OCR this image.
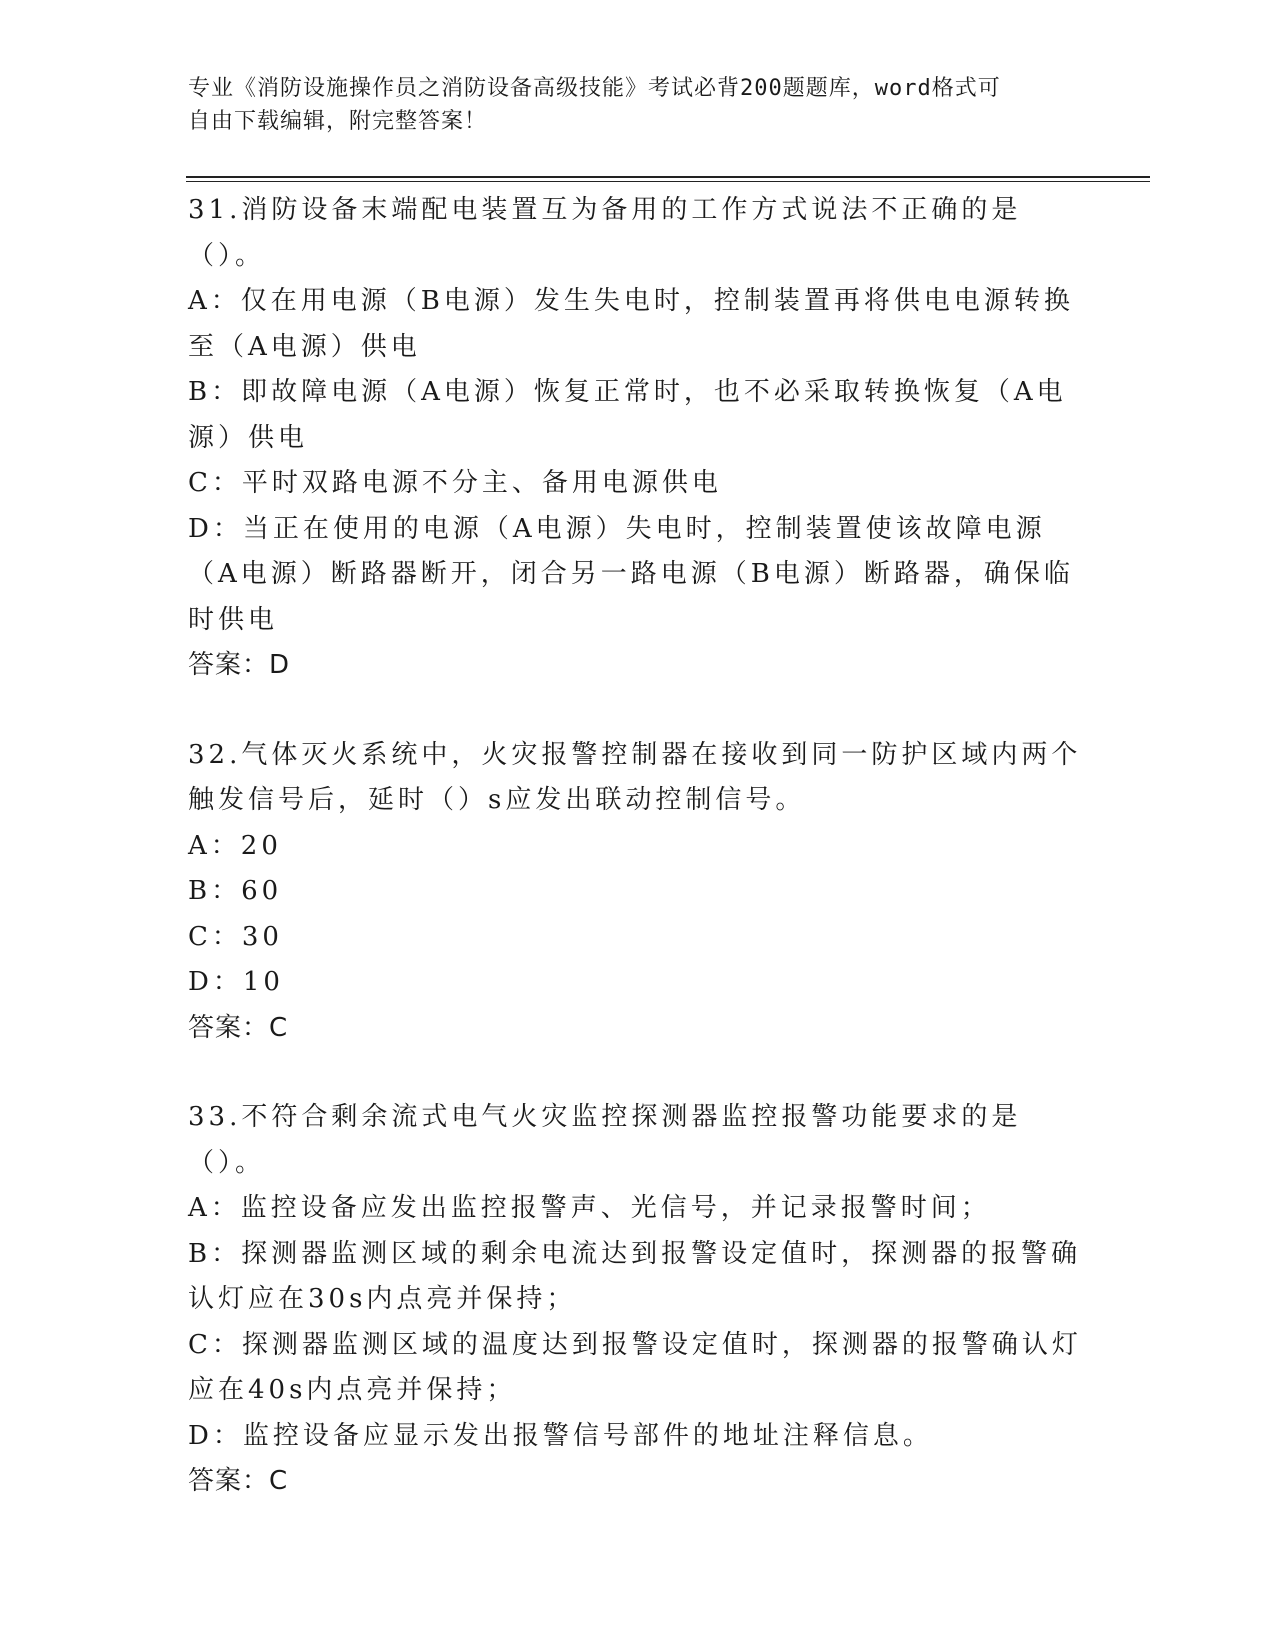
专业《消防设施操作员之消防设备高级技能》考试必背200题题库，word格式可
自由下载编辑，附完整答案！
31.消防设备末端配电装置互为备用的工作方式说法不正确的是（）。
A：仅在用电源（B电源）发生失电时，控制装置再将供电电源转换至（A电源）供电
B：即故障电源（A电源）恢复正常时，也不必采取转换恢复（A电源）供电
C：平时双路电源不分主、备用电源供电
D：当正在使用的电源（A电源）失电时，控制装置使该故障电源（A电源）断路器断开，闭合另一路电源（B电源）断路器，确保临时供电
答案：D
32.气体灭火系统中，火灾报警控制器在接收到同一防护区域内两个触发信号后，延时（）s应发出联动控制信号。
A：20
B：60
C：30
D：10
答案：C
33.不符合剩余流式电气火灾监控探测器监控报警功能要求的是（）。
A：监控设备应发出监控报警声、光信号，并记录报警时间；
B：探测器监测区域的剩余电流达到报警设定值时，探测器的报警确认灯应在30s内点亮并保持；
C：探测器监测区域的温度达到报警设定值时，探测器的报警确认灯应在40s内点亮并保持；
D：监控设备应显示发出报警信号部件的地址注释信息。
答案：C
